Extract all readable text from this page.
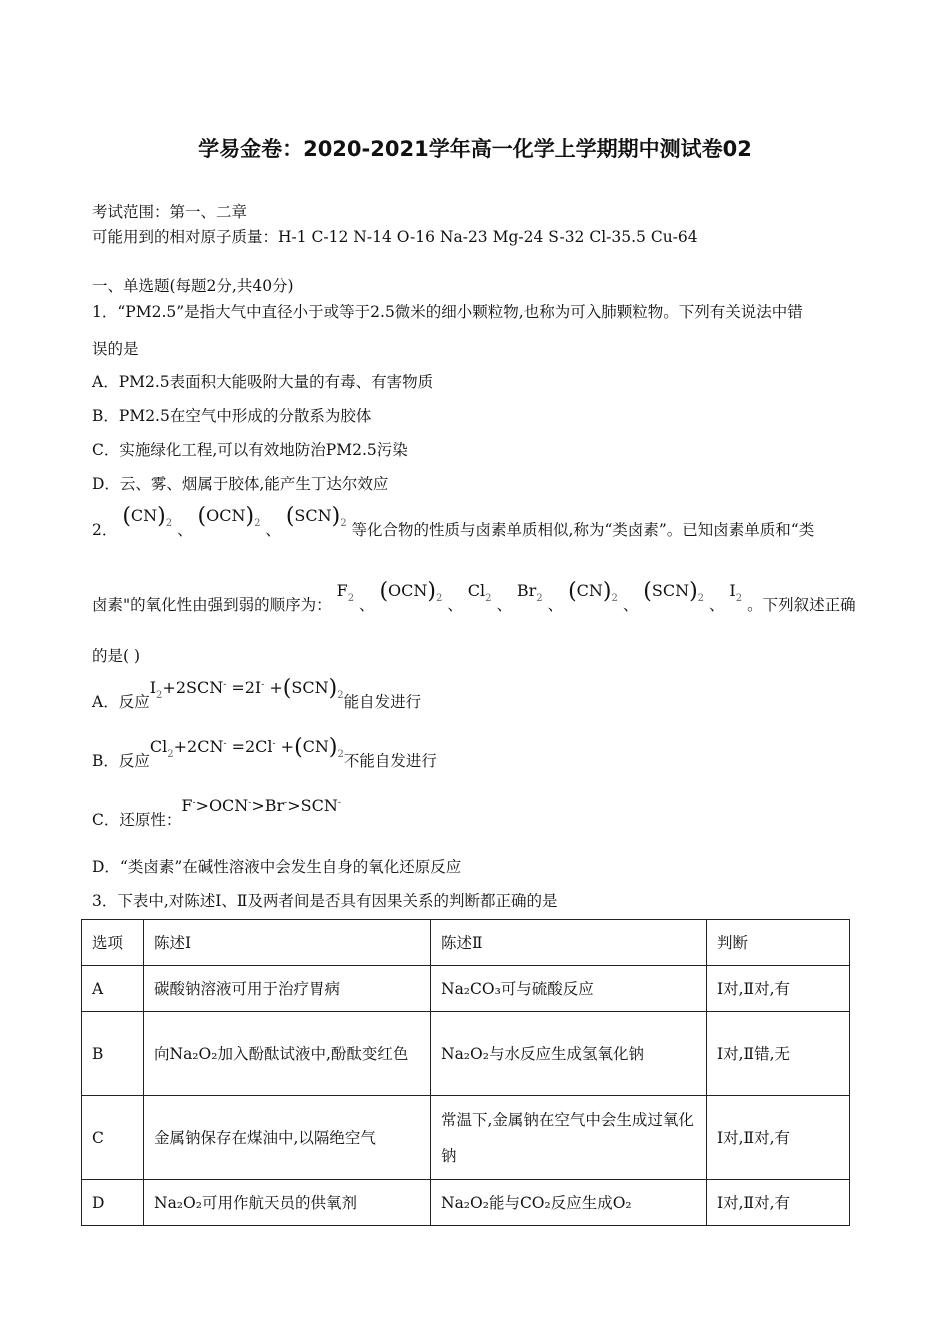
学易金卷：2020-2021学年高一化学上学期期中测试卷02
考试范围：第一、二章
可能用到的相对原子质量：H-1 C-12 N-14 O-16 Na-23 Mg-24 S-32 Cl-35.5 Cu-64
一、单选题(每题2分,共40分)
1．“PM2.5”是指大气中直径小于或等于2.5微米的细小颗粒物,也称为可入肺颗粒物。下列有关说法中错
误的是
A．PM2.5表面积大能吸附大量的有毒、有害物质
B．PM2.5在空气中形成的分散系为胶体
C．实施绿化工程,可以有效地防治PM2.5污染
D．云、雾、烟属于胶体,能产生丁达尔效应
2． $(CN)_2$ 、 $(OCN)_2$ 、 $(SCN)_2$ 等化合物的性质与卤素单质相似,称为“类卤素”。已知卤素单质和“类
卤素"的氧化性由强到弱的顺序为： $F_2$ 、 $(OCN)_2$ 、 $Cl_2$ 、 $Br_2$ 、 $(CN)_2$ 、 $(SCN)_2$ 、 $I_2$ 。下列叙述正确
的是( )
A．反应$I_2+2SCN^- =2I^- +(SCN)_2$能自发进行
B．反应$Cl_2+2CN^- =2Cl^- +(CN)_2$不能自发进行
C．还原性：F->OCN->Br->SCN-
D．“类卤素”在碱性溶液中会发生自身的氧化还原反应
3．下表中,对陈述Ⅰ、Ⅱ及两者间是否具有因果关系的判断都正确的是
选项	陈述Ⅰ	陈述Ⅱ	判断
A	碳酸钠溶液可用于治疗胃病	Na₂CO₃可与硫酸反应	Ⅰ对,Ⅱ对,有
B	向Na₂O₂加入酚酞试液中,酚酞变红色	Na₂O₂与水反应生成氢氧化钠	Ⅰ对,Ⅱ错,无
C	金属钠保存在煤油中,以隔绝空气	常温下,金属钠在空气中会生成过氧化钠	Ⅰ对,Ⅱ对,有
D	Na₂O₂可用作航天员的供氧剂	Na₂O₂能与CO₂反应生成O₂	Ⅰ对,Ⅱ对,有
